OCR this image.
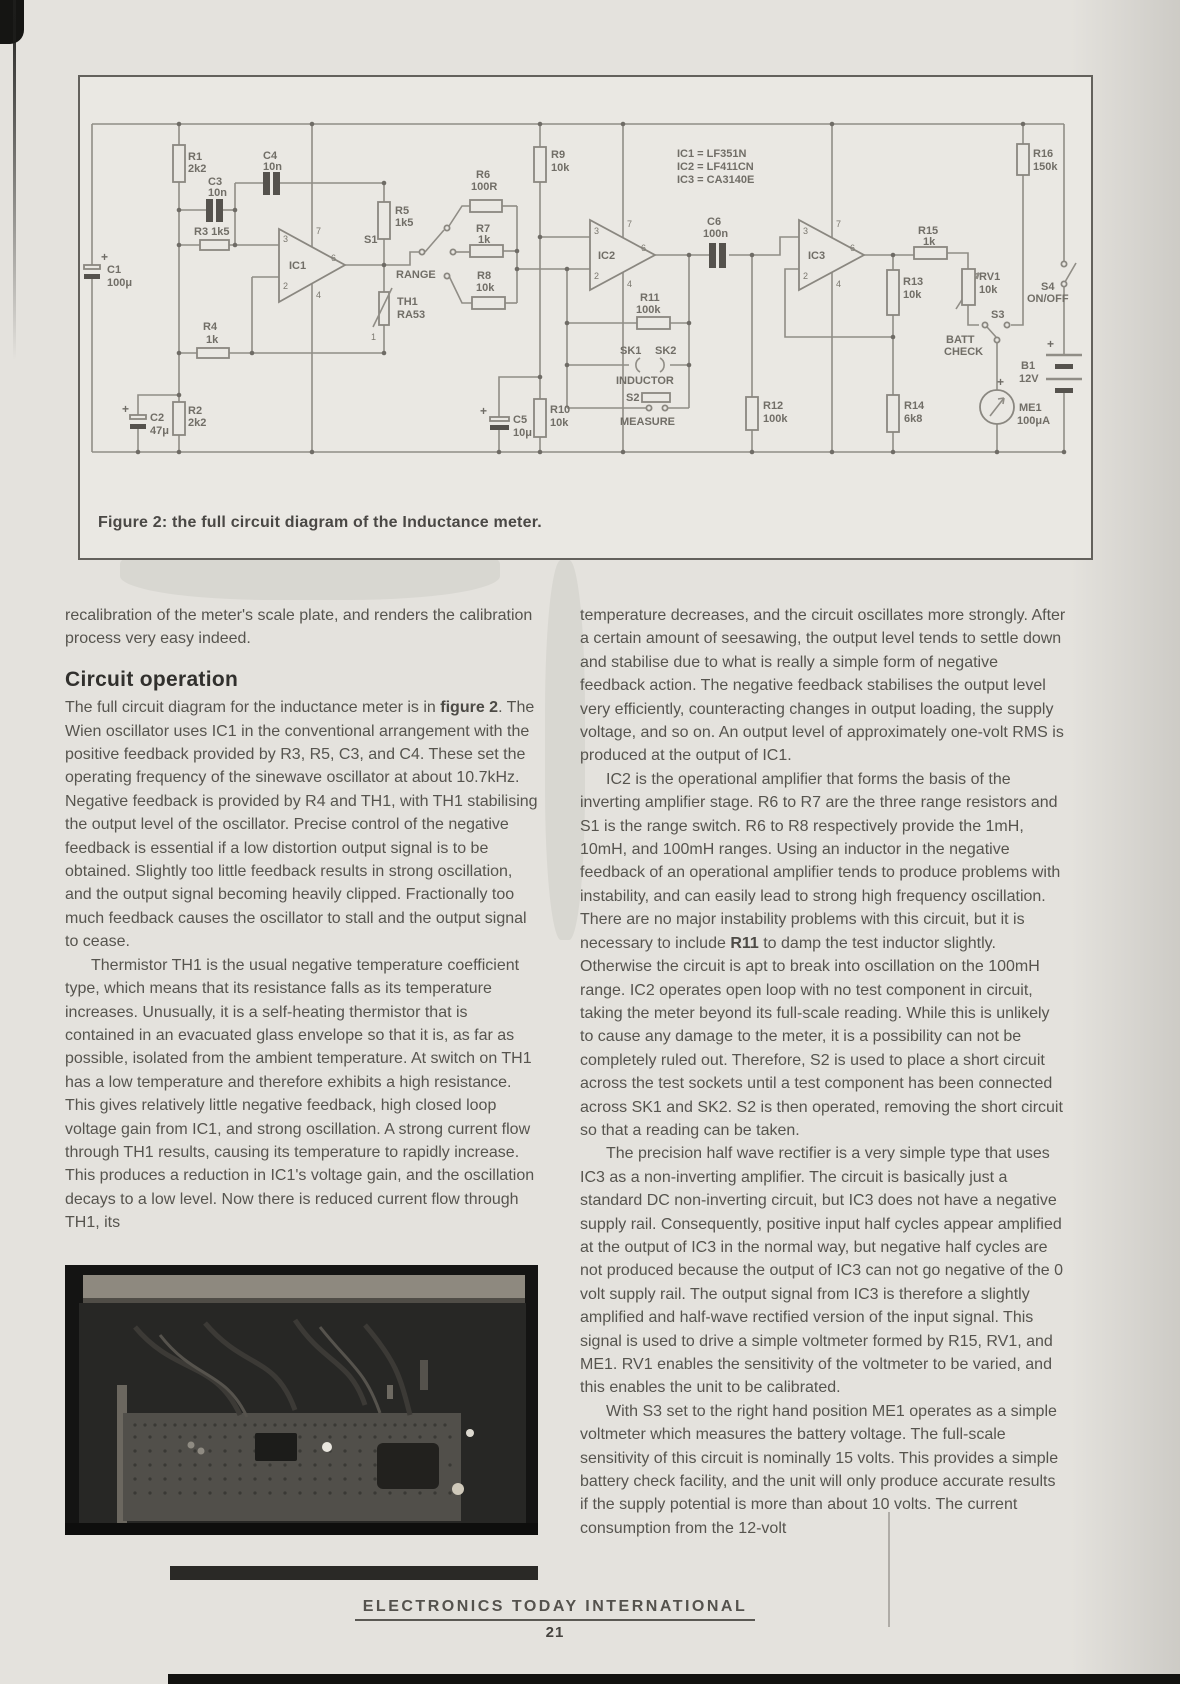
+
C1
100μ
R1
2k2
C3
10n
C4
10n
R3 1k5
IC1
3
2
7
6
4
R5
1k5
TH1
RA53
1
R4
1k
+
C2
47μ
R2
2k2
S1
RANGE
R6
100R
R7
1k
R8
10k
R9
10k
IC2
3
2
7
6
4
IC1 = LF351N
IC2 = LF411CN
IC3 = CA3140E
C6
100n
R11
100k
SK1 SK2
INDUCTOR
S2
MEASURE
+
C5
10μ
R10
10k
R12
100k
IC3
3
2
7
6
4	R13
10k
R14
6k8
R15
1k
RV1
10k
R16
150k
S3
BATT
CHECK
S4
ON/OFF
+
B1
12V
+
ME1
100μA
Figure 2: the full circuit diagram of the Inductance meter.

recalibration of the meter's scale plate, and renders the calibration process very easy indeed.

Circuit operation

The full circuit diagram for the inductance meter is in figure 2. The Wien oscillator uses IC1 in the conventional arrangement with the positive feedback provided by R3, R5, C3, and C4. These set the operating frequency of the sinewave oscillator at about 10.7kHz. Negative feedback is provided by R4 and TH1, with TH1 stabilising the output level of the oscillator. Precise control of the negative feedback is essential if a low distortion output signal is to be obtained. Slightly too little feedback results in strong oscillation, and the output signal becoming heavily clipped. Fractionally too much feedback causes the oscillator to stall and the output signal to cease.

Thermistor TH1 is the usual negative temperature coefficient type, which means that its resistance falls as its temperature increases. Unusually, it is a self-heating thermistor that is contained in an evacuated glass envelope so that it is, as far as possible, isolated from the ambient temperature. At switch on TH1 has a low temperature and therefore exhibits a high resistance. This gives relatively little negative feedback, high closed loop voltage gain from IC1, and strong oscillation. A strong current flow through TH1 results, causing its temperature to rapidly increase. This produces a reduction in IC1's voltage gain, and the oscillation decays to a low level. Now there is reduced current flow through TH1, its

temperature decreases, and the circuit oscillates more strongly. After a certain amount of seesawing, the output level tends to settle down and stabilise due to what is really a simple form of negative feedback action. The negative feedback stabilises the output level very efficiently, counteracting changes in output loading, the supply voltage, and so on. An output level of approximately one-volt RMS is produced at the output of IC1.

IC2 is the operational amplifier that forms the basis of the inverting amplifier stage. R6 to R7 are the three range resistors and S1 is the range switch. R6 to R8 respectively provide the 1mH, 10mH, and 100mH ranges. Using an inductor in the negative feedback of an operational amplifier tends to produce problems with instability, and can easily lead to strong high frequency oscillation. There are no major instability problems with this circuit, but it is necessary to include R11 to damp the test inductor slightly. Otherwise the circuit is apt to break into oscillation on the 100mH range. IC2 operates open loop with no test component in circuit, taking the meter beyond its full-scale reading. While this is unlikely to cause any damage to the meter, it is a possibility can not be completely ruled out. Therefore, S2 is used to place a short circuit across the test sockets until a test component has been connected across SK1 and SK2. S2 is then operated, removing the short circuit so that a reading can be taken.

The precision half wave rectifier is a very simple type that uses IC3 as a non-inverting amplifier. The circuit is basically just a standard DC non-inverting circuit, but IC3 does not have a negative supply rail. Consequently, positive input half cycles appear amplified at the output of IC3 in the normal way, but negative half cycles are not produced because the output of IC3 can not go negative of the 0 volt supply rail. The output signal from IC3 is therefore a slightly amplified and half-wave rectified version of the input signal. This signal is used to drive a simple voltmeter formed by R15, RV1, and ME1. RV1 enables the sensitivity of the voltmeter to be varied, and this enables the unit to be calibrated.

With S3 set to the right hand position ME1 operates as a simple voltmeter which measures the battery voltage. The full-scale sensitivity of this circuit is nominally 15 volts. This provides a simple battery check facility, and the unit will only produce accurate results if the supply potential is more than about 10 volts. The current consumption from the 12-volt

ELECTRONICS TODAY INTERNATIONAL
21
